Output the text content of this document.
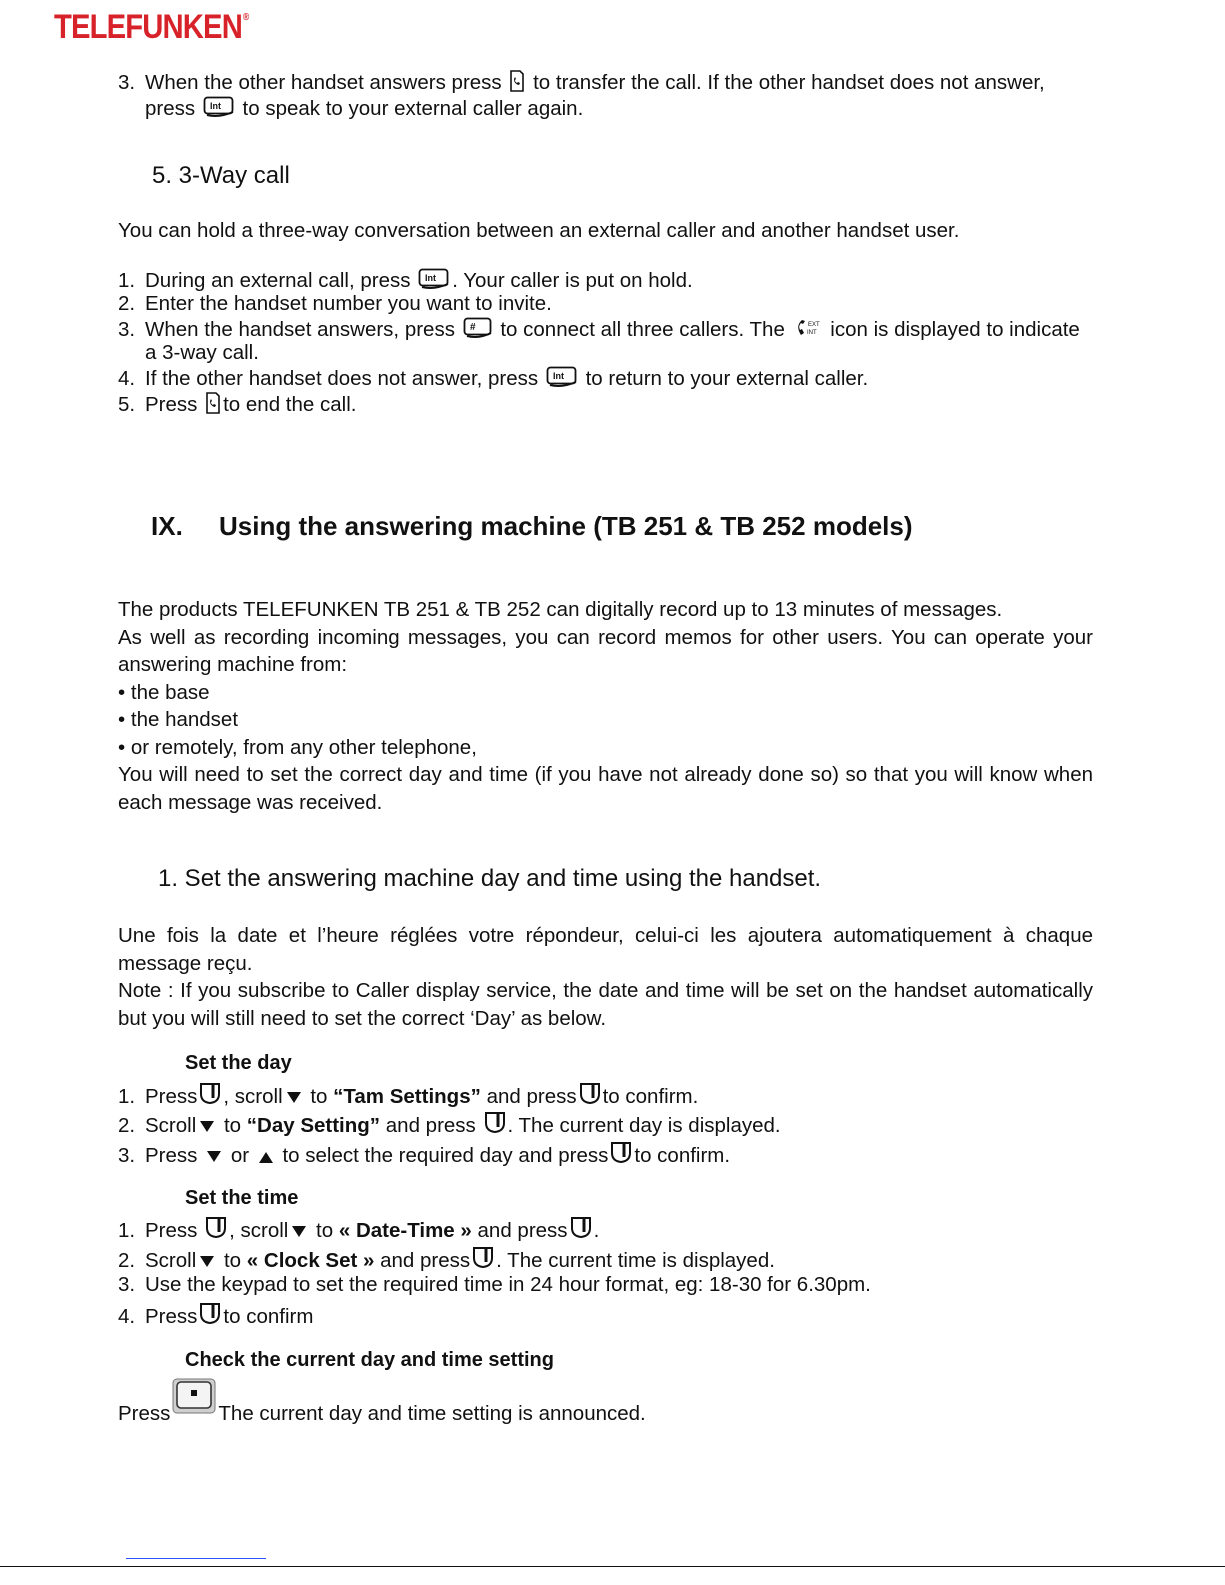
TELEFUNKEN®
3. When the other handset answers press to transfer the call. If the other handset does not answer,
press Int to speak to your external caller again.
5. 3-Way call
You can hold a three-way conversation between an external caller and another handset user.
1. During an external call, press Int . Your caller is put on hold.
2. Enter the handset number you want to invite.
3. When the handset answers, press # to connect all three callers. The	EXT
INT icon is displayed to indicate
a 3-way call.
4. If the other handset does not answer, press Int to return to your external caller.
5. Press to end the call.
IX. Using the answering machine (TB 251 & TB 252 models)
The products TELEFUNKEN TB 251 & TB 252 can digitally record up to 13 minutes of messages.
As well as recording incoming messages, you can record memos for other users. You can operate your answering machine from:
• the base
• the handset
• or remotely, from any other telephone,
You will need to set the correct day and time (if you have not already done so) so that you will know when each message was received.
1. Set the answering machine day and time using the handset.
Une fois la date et l’heure réglées votre répondeur, celui-ci les ajoutera automatiquement à chaque message reçu.
Note : If you subscribe to Caller display service, the date and time will be set on the handset automatically but you will still need to set the correct ‘Day’ as below.
Set the day
1. Press , scroll to “Tam Settings” and press to confirm.
2. Scroll to “Day Setting” and press . The current day is displayed.
3. Press or to select the required day and press to confirm.
Set the time
1. Press , scroll to « Date-Time » and press .
2. Scroll to « Clock Set » and press . The current time is displayed.
3. Use the keypad to set the required time in 24 hour format, eg: 18-30 for 6.30pm.
4. Press to confirm
Check the current day and time setting
Press The current day and time setting is announced.
